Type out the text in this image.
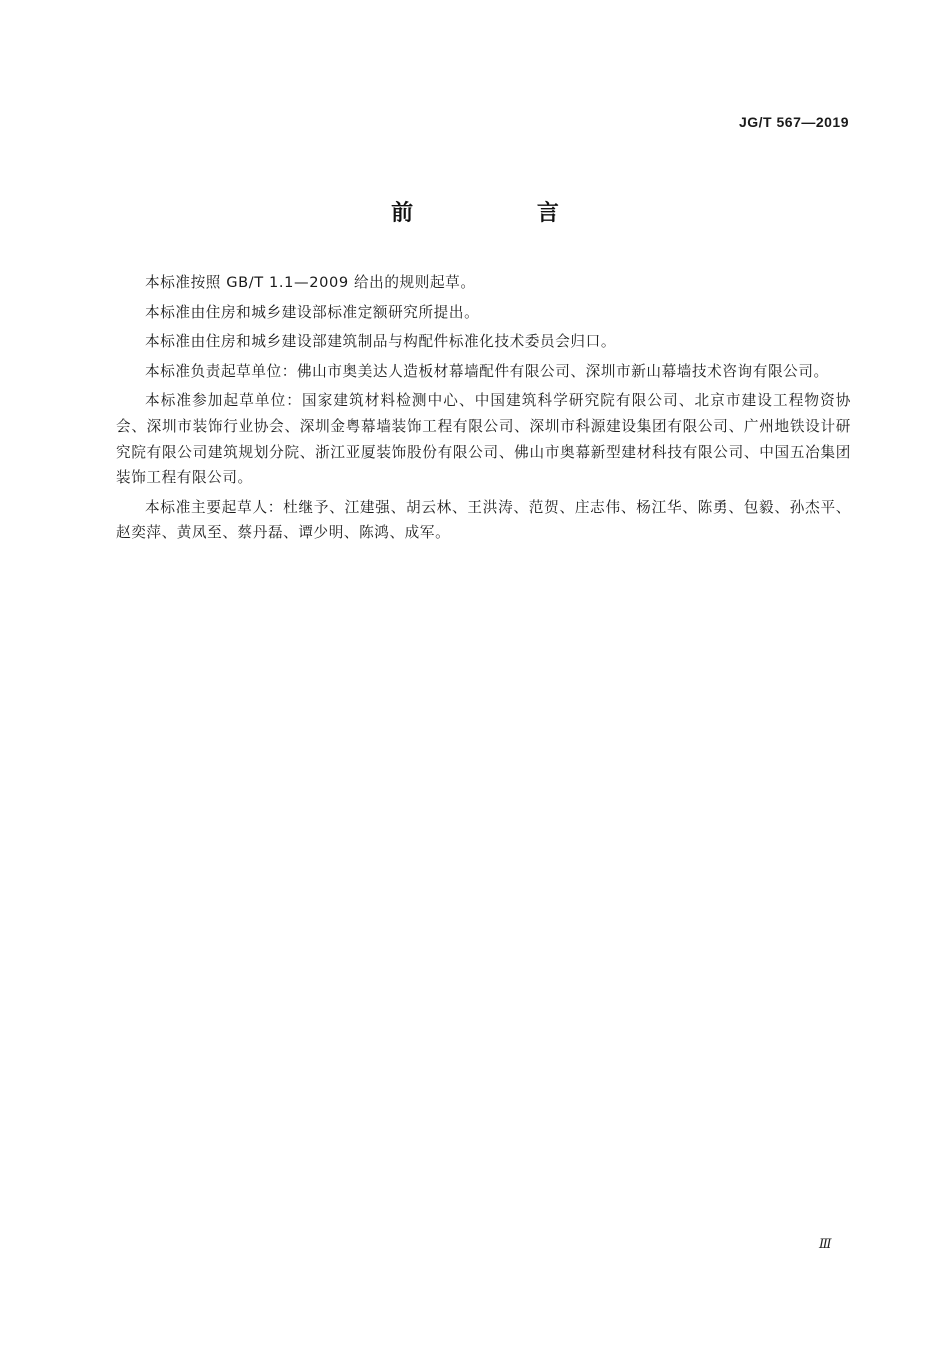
JG/T 567—2019
前 言

本标准按照 GB/T 1.1—2009 给出的规则起草。

本标准由住房和城乡建设部标准定额研究所提出。

本标准由住房和城乡建设部建筑制品与构配件标准化技术委员会归口。

本标准负责起草单位：佛山市奥美达人造板材幕墙配件有限公司、深圳市新山幕墙技术咨询有限公司。

本标准参加起草单位：国家建筑材料检测中心、中国建筑科学研究院有限公司、北京市建设工程物资协会、深圳市装饰行业协会、深圳金粤幕墙装饰工程有限公司、深圳市科源建设集团有限公司、广州地铁设计研究院有限公司建筑规划分院、浙江亚厦装饰股份有限公司、佛山市奥幕新型建材科技有限公司、中国五冶集团装饰工程有限公司。

本标准主要起草人：杜继予、江建强、胡云林、王洪涛、范贺、庄志伟、杨江华、陈勇、包毅、孙杰平、赵奕萍、黄凤至、蔡丹磊、谭少明、陈鸿、成军。

Ⅲ
